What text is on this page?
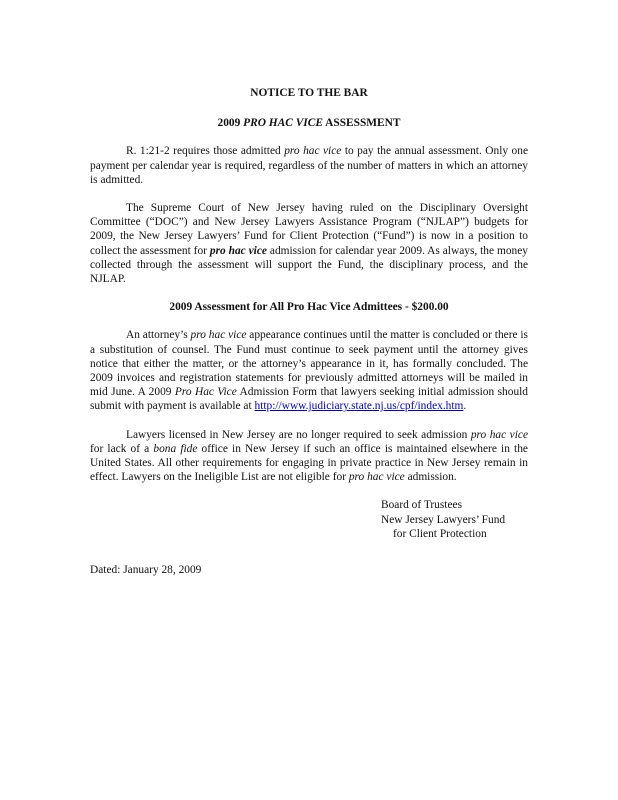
NOTICE TO THE BAR
2009 PRO HAC VICE ASSESSMENT

R. 1:21-2 requires those admitted pro hac vice to pay the annual assessment. Only one payment per calendar year is required, regardless of the number of matters in which an attorney is admitted.

The Supreme Court of New Jersey having ruled on the Disciplinary Oversight Committee (“DOC”) and New Jersey Lawyers Assistance Program (“NJLAP”) budgets for 2009, the New Jersey Lawyers’ Fund for Client Protection (“Fund”) is now in a position to collect the assessment for pro hac vice admission for calendar year 2009. As always, the money collected through the assessment will support the Fund, the disciplinary process, and the NJLAP.

2009 Assessment for All Pro Hac Vice Admittees - $200.00

An attorney’s pro hac vice appearance continues until the matter is concluded or there is a substitution of counsel. The Fund must continue to seek payment until the attorney gives notice that either the matter, or the attorney’s appearance in it, has formally concluded. The 2009 invoices and registration statements for previously admitted attorneys will be mailed in mid June. A 2009 Pro Hac Vice Admission Form that lawyers seeking initial admission should submit with payment is available at http://www.judiciary.state.nj.us/cpf/index.htm.

Lawyers licensed in New Jersey are no longer required to seek admission pro hac vice for lack of a bona fide office in New Jersey if such an office is maintained elsewhere in the United States. All other requirements for engaging in private practice in New Jersey remain in effect. Lawyers on the Ineligible List are not eligible for pro hac vice admission.

Board of Trustees
New Jersey Lawyers’ Fund
for Client Protection
Dated: January 28, 2009
